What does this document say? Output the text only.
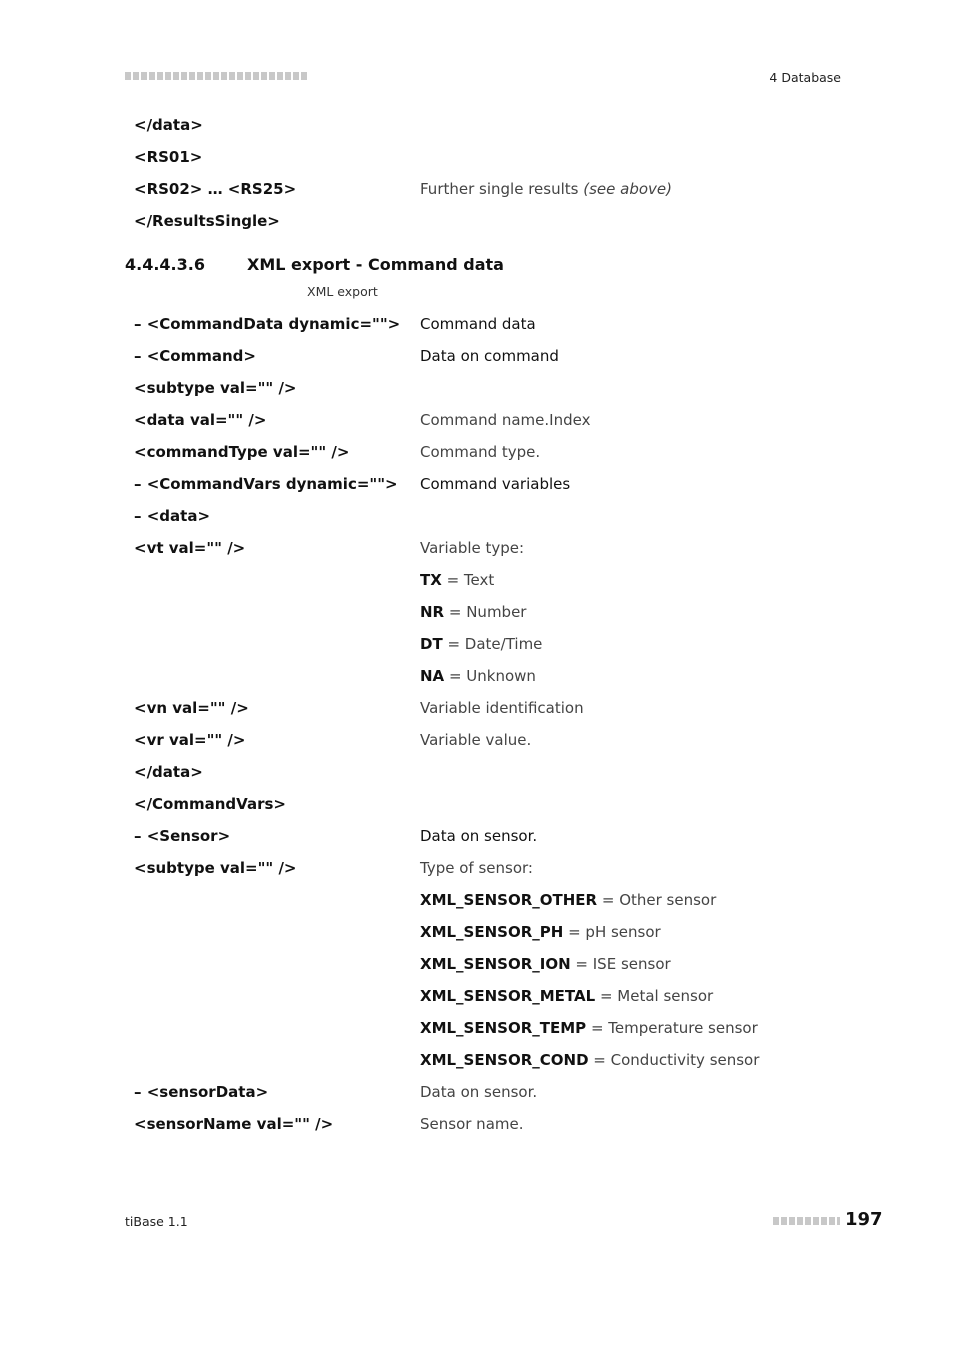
4 Database
</data>
<RS01>
<RS02> … <RS25>	Further single results (see above)
</ResultsSingle>
4.4.4.3.6	XML export - Command data
XML export
– <CommandData dynamic=""> Command data
– <Command>	Data on command
<subtype val="" />
<data val="" />	Command name.Index
<commandType val="" />	Command type.
– <CommandVars dynamic=""> Command variables
– <data>
<vt val="" />	Variable type:
TX = Text
NR = Number
DT = Date/Time
NA = Unknown
<vn val="" />	Variable identification
<vr val="" />	Variable value.
</data>
</CommandVars>
– <Sensor>	Data on sensor.
<subtype val="" />	Type of sensor:
XML_SENSOR_OTHER = Other sensor
XML_SENSOR_PH = pH sensor
XML_SENSOR_ION = ISE sensor
XML_SENSOR_METAL = Metal sensor
XML_SENSOR_TEMP = Temperature sensor
XML_SENSOR_COND = Conductivity sensor
– <sensorData>	Data on sensor.
<sensorName val="" />	Sensor name.
tiBase 1.1	197
